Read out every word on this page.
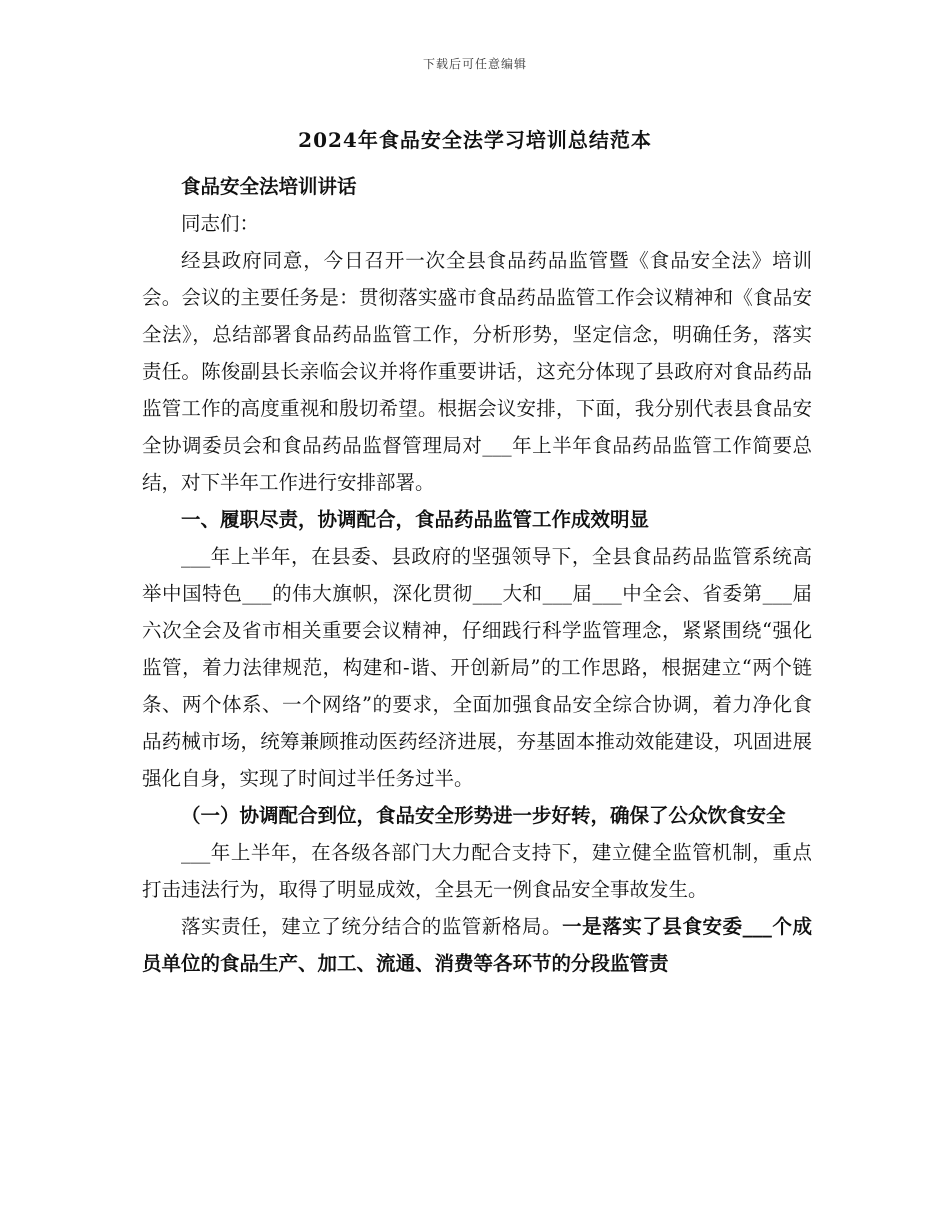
下载后可任意编辑
2024年食品安全法学习培训总结范本

食品安全法培训讲话

同志们：

经县政府同意，今日召开一次全县食品药品监管暨《食品安全法》培训会。会议的主要任务是：贯彻落实盛市食品药品监管工作会议精神和《食品安全法》，总结部署食品药品监管工作，分析形势，坚定信念，明确任务，落实责任。陈俊副县长亲临会议并将作重要讲话，这充分体现了县政府对食品药品监管工作的高度重视和殷切希望。根据会议安排，下面，我分别代表县食品安全协调委员会和食品药品监督管理局对___年上半年食品药品监管工作简要总结，对下半年工作进行安排部署。

一、履职尽责，协调配合，食品药品监管工作成效明显

___年上半年，在县委、县政府的坚强领导下，全县食品药品监管系统高举中国特色___的伟大旗帜，深化贯彻___大和___届___中全会、省委第___届六次全会及省市相关重要会议精神，仔细践行科学监管理念，紧紧围绕“强化监管，着力法律规范，构建和-谐、开创新局”的工作思路，根据建立“两个链条、两个体系、一个网络”的要求，全面加强食品安全综合协调，着力净化食品药械市场，统筹兼顾推动医药经济进展，夯基固本推动效能建设，巩固进展强化自身，实现了时间过半任务过半。

（一）协调配合到位，食品安全形势进一步好转，确保了公众饮食安全

___年上半年，在各级各部门大力配合支持下，建立健全监管机制，重点打击违法行为，取得了明显成效，全县无一例食品安全事故发生。

落实责任，建立了统分结合的监管新格局。一是落实了县食安委___个成员单位的食品生产、加工、流通、消费等各环节的分段监管责
